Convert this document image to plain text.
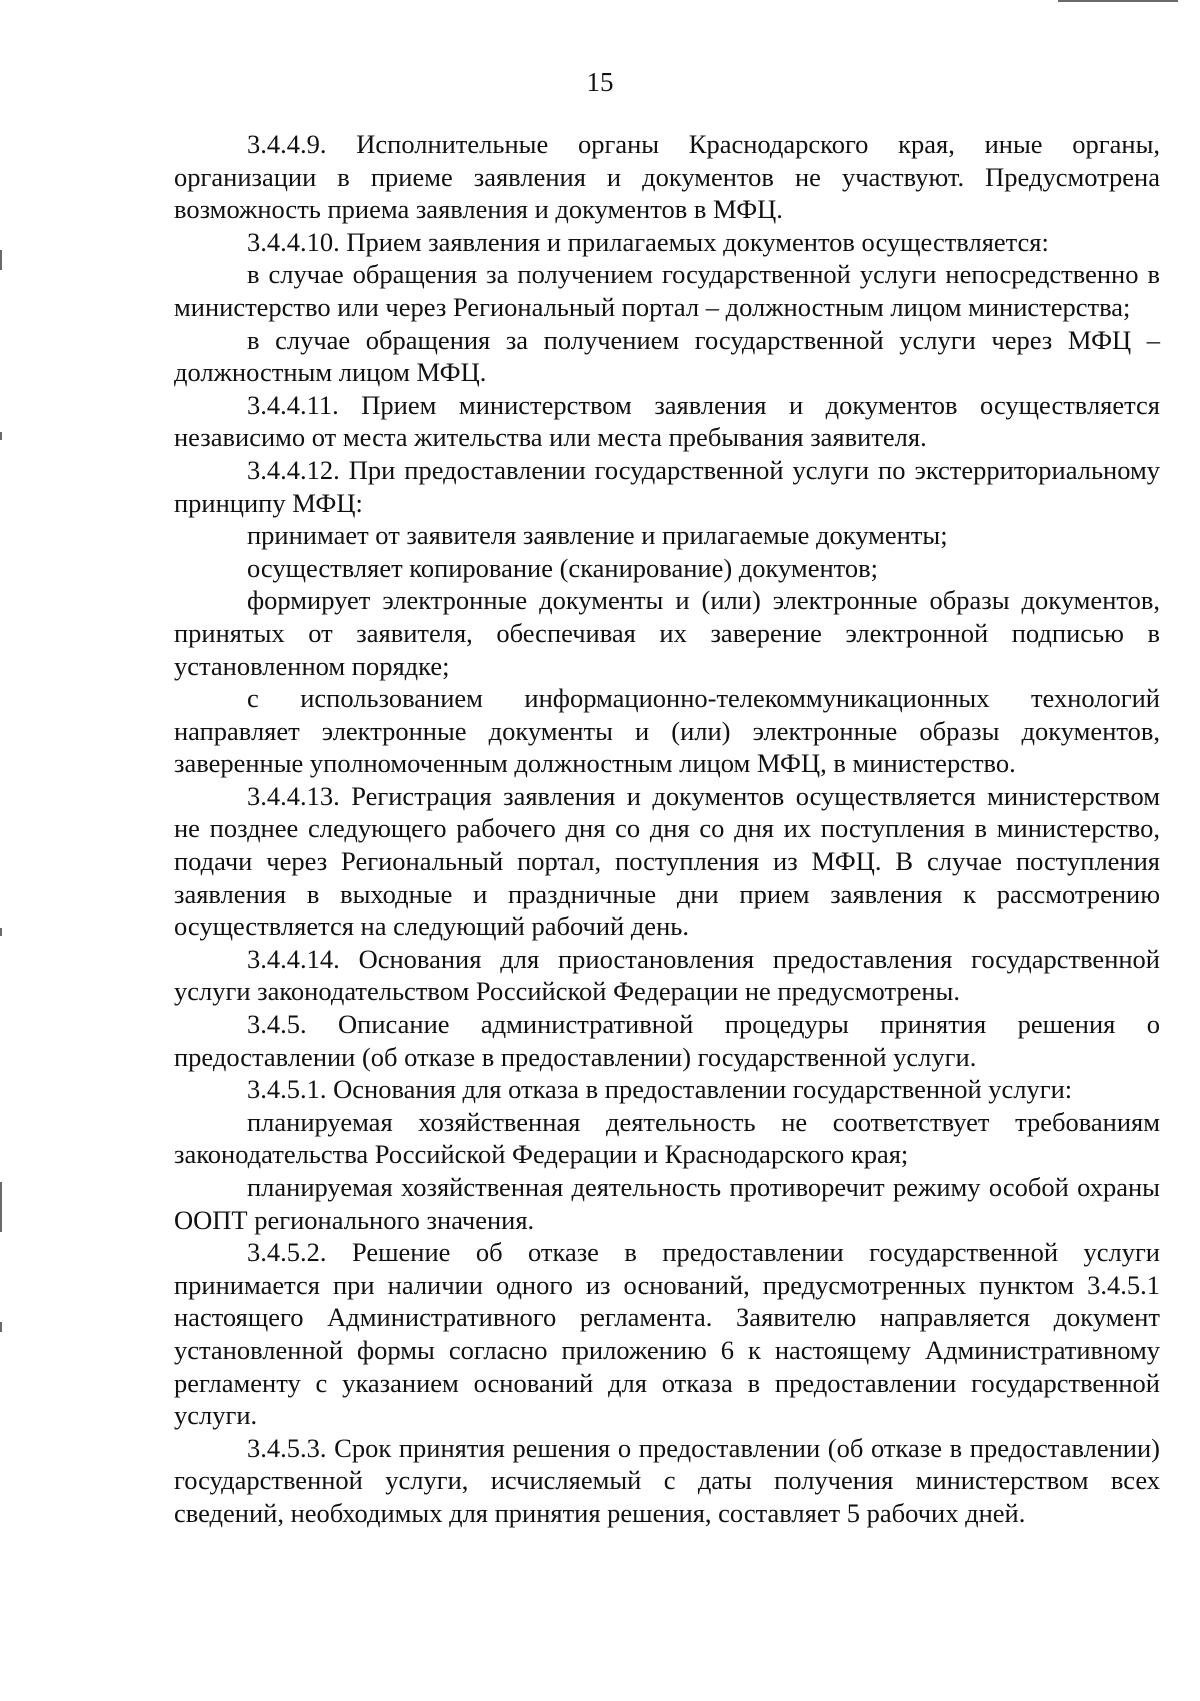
15

3.4.4.9. Исполнительные органы Краснодарского края, иные органы, организации в приеме заявления и документов не участвуют. Предусмотрена возможность приема заявления и документов в МФЦ.

3.4.4.10. Прием заявления и прилагаемых документов осуществляется:

в случае обращения за получением государственной услуги непосредственно в министерство или через Региональный портал – должностным лицом министерства;

в случае обращения за получением государственной услуги через МФЦ – должностным лицом МФЦ.

3.4.4.11. Прием министерством заявления и документов осуществляется независимо от места жительства или места пребывания заявителя.

3.4.4.12. При предоставлении государственной услуги по экстерриториальному принципу МФЦ:

принимает от заявителя заявление и прилагаемые документы;

осуществляет копирование (сканирование) документов;

формирует электронные документы и (или) электронные образы документов, принятых от заявителя, обеспечивая их заверение электронной подписью в установленном порядке;

с использованием информационно-телекоммуникационных технологий направляет электронные документы и (или) электронные образы документов, заверенные уполномоченным должностным лицом МФЦ, в министерство.

3.4.4.13. Регистрация заявления и документов осуществляется министерством не позднее следующего рабочего дня со дня со дня их поступления в министерство, подачи через Региональный портал, поступления из МФЦ. В случае поступления заявления в выходные и праздничные дни прием заявления к рассмотрению осуществляется на следующий рабочий день.

3.4.4.14. Основания для приостановления предоставления государственной услуги законодательством Российской Федерации не предусмотрены.

3.4.5. Описание административной процедуры принятия решения о предоставлении (об отказе в предоставлении) государственной услуги.

3.4.5.1. Основания для отказа в предоставлении государственной услуги:

планируемая хозяйственная деятельность не соответствует требованиям законодательства Российской Федерации и Краснодарского края;

планируемая хозяйственная деятельность противоречит режиму особой охраны ООПТ регионального значения.

3.4.5.2. Решение об отказе в предоставлении государственной услуги принимается при наличии одного из оснований, предусмотренных пунктом 3.4.5.1 настоящего Административного регламента. Заявителю направляется документ установленной формы согласно приложению 6 к настоящему Административному регламенту с указанием оснований для отказа в предоставлении государственной услуги.

3.4.5.3. Срок принятия решения о предоставлении (об отказе в предоставлении) государственной услуги, исчисляемый с даты получения министерством всех сведений, необходимых для принятия решения, составляет 5 рабочих дней.
